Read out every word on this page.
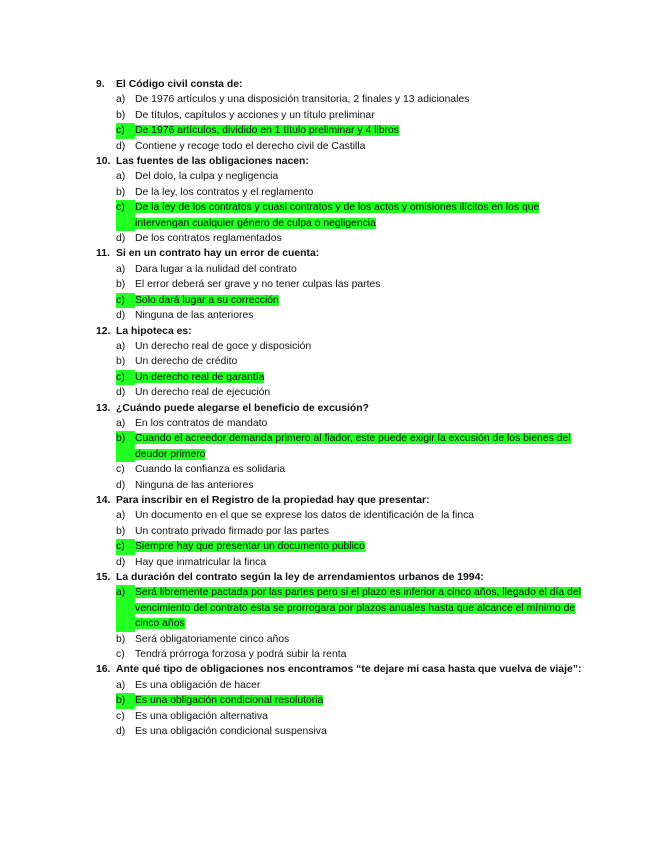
9.	El Código civil consta de:
a) De 1976 artículos y una disposición transitoria, 2 finales y 13 adicionales
b) De títulos, capítulos y acciones y un título preliminar
c) De 1976 artículos, dividido en 1 título preliminar y 4 libros
d) Contiene y recoge todo el derecho civil de Castilla
10. Las fuentes de las obligaciones nacen:
a) Del dolo, la culpa y negligencia
b) De la ley, los contratos y el reglamento
c) De la ley de los contratos y cuasi contratos y de los actos y omisiones ilícitos en los que intervengan cualquier género de culpa o negligencia
d) De los contratos reglamentados
11. Si en un contrato hay un error de cuenta:
a) Dara lugar a la nulidad del contrato
b) El error deberá ser grave y no tener culpas las partes
c) Solo dará lugar a su corrección
d) Ninguna de las anteriores
12. La hipoteca es:
a) Un derecho real de goce y disposición
b) Un derecho de crédito
c) Un derecho real de garantía
d) Un derecho real de ejecución
13. ¿Cuándo puede alegarse el beneficio de excusión?
a) En los contratos de mandato
b) Cuando el acreedor demanda primero al fiador, este puede exigir la excusión de los bienes del deudor primero
c) Cuando la confianza es solidaria
d) Ninguna de las anteriores
14. Para inscribir en el Registro de la propiedad hay que presentar:
a) Un documento en el que se exprese los datos de identificación de la finca
b) Un contrato privado firmado por las partes
c) Siempre hay que presentar un documento publico
d) Hay que inmatricular la finca
15. La duración del contrato según la ley de arrendamientos urbanos de 1994:
a) Será libremente pactada por las partes pero si el plazo es inferior a cinco años, llegado el día del vencimiento del contrato esta se prorrogara por plazos anuales hasta que alcance el mínimo de cinco años
b) Será obligatoriamente cinco años
c) Tendrá prórroga forzosa y podrá subir la renta
16. Ante qué tipo de obligaciones nos encontramos “te dejare mi casa hasta que vuelva de viaje”:
a) Es una obligación de hacer
b) Es una obligación condicional resolutoria
c) Es una obligación alternativa
d) Es una obligación condicional suspensiva
